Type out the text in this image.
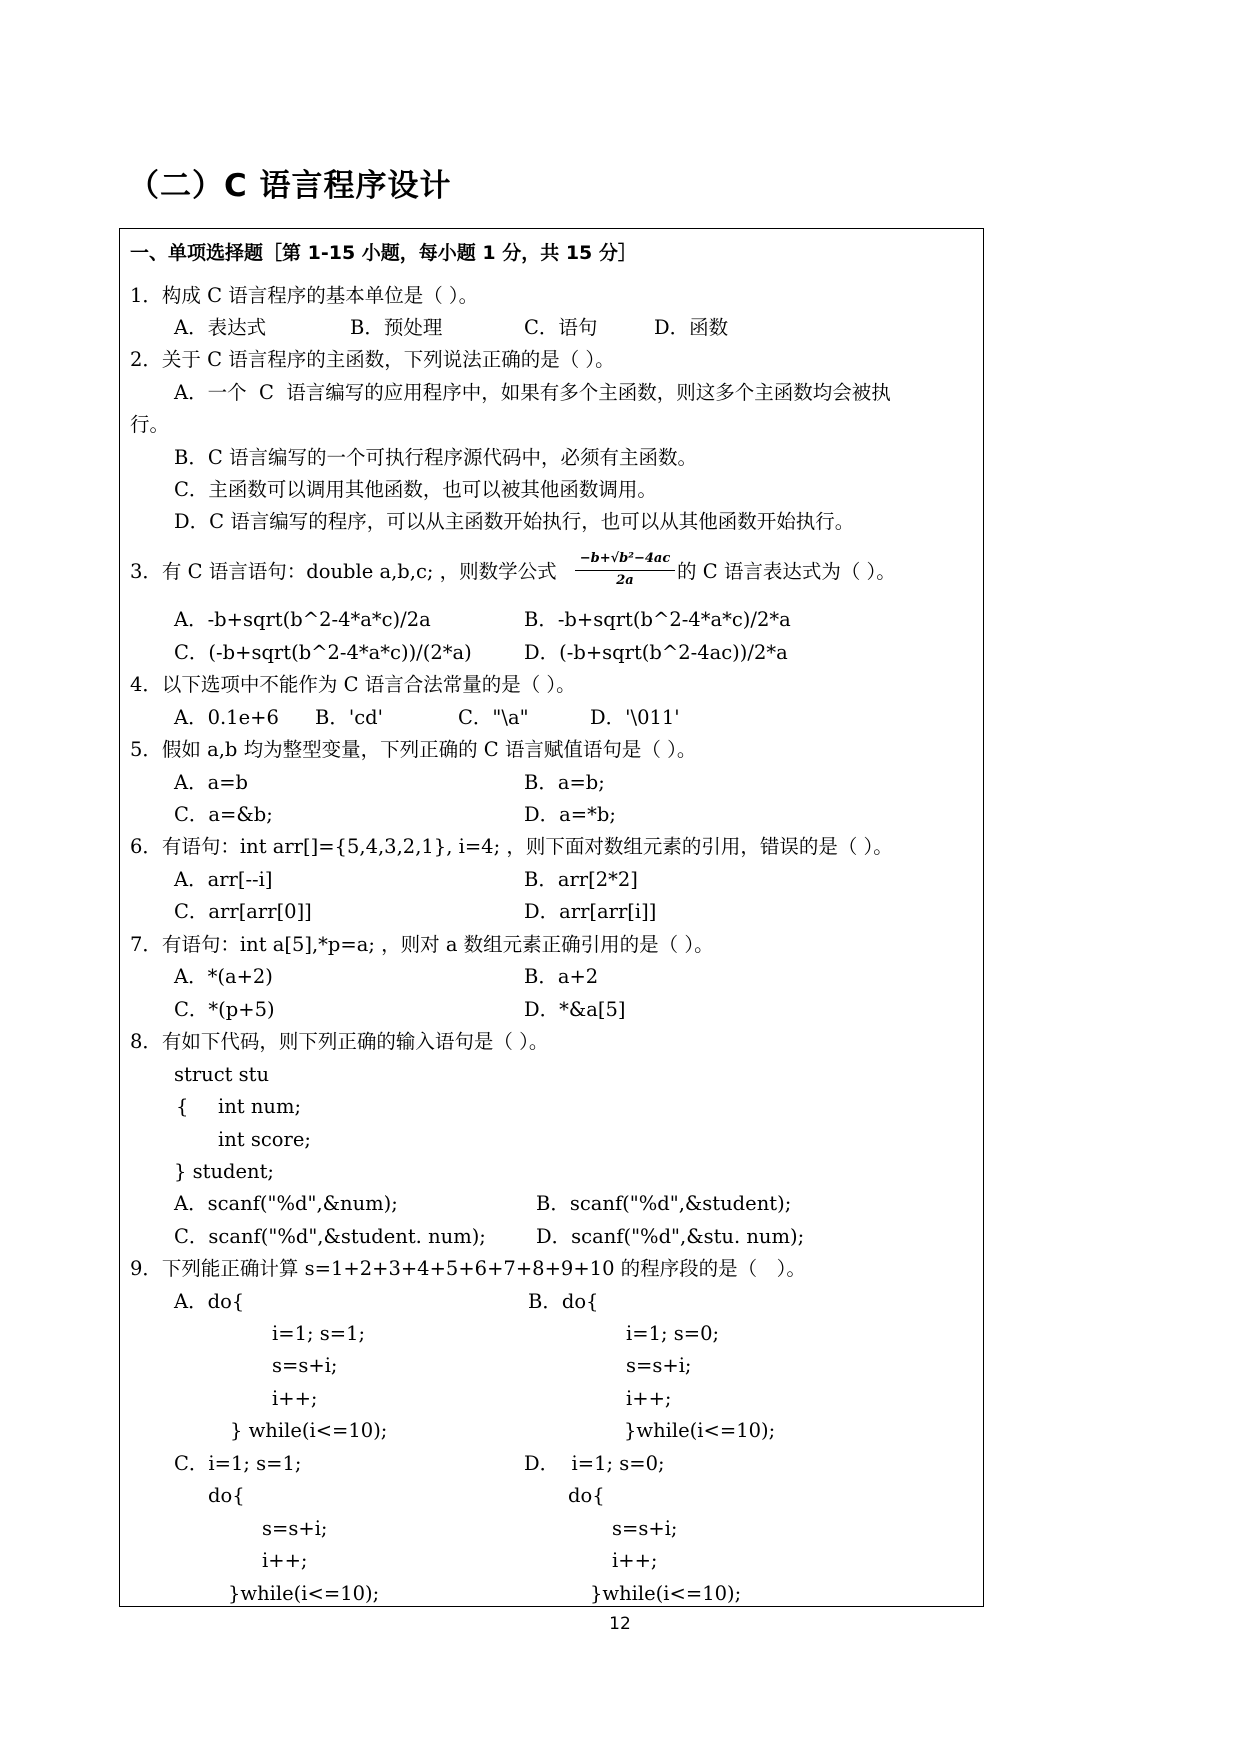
（二）C 语言程序设计
一、单项选择题［第 1-15 小题，每小题 1 分，共 15 分］
1．构成 C 语言程序的基本单位是（ ）。
A．表达式	B．预处理	C．语句	D．函数
2．关于 C 语言程序的主函数，下列说法正确的是（ ）。
A．一个  C  语言编写的应用程序中，如果有多个主函数，则这多个主函数均会被执
行。
B．C 语言编写的一个可执行程序源代码中，必须有主函数。
C．主函数可以调用其他函数，也可以被其他函数调用。
D．C 语言编写的程序，可以从主函数开始执行，也可以从其他函数开始执行。
3．有 C 语言语句：double a,b,c; ，则数学公式
−b+√b²−4ac
2a	的 C 语言表达式为（ ）。
A．-b+sqrt(b^2-4*a*c)/2a	B．-b+sqrt(b^2-4*a*c)/2*a
C．(-b+sqrt(b^2-4*a*c))/(2*a)	D．(-b+sqrt(b^2-4ac))/2*a
4．以下选项中不能作为 C 语言合法常量的是（ ）。
A．0.1e+6 B．'cd'	C．"\a"	D．'\011'
5．假如 a,b 均为整型变量，下列正确的 C 语言赋值语句是（ ）。
A．a=b	B．a=b;
C．a=&b;	D．a=*b;
6．有语句：int arr[]={5,4,3,2,1}, i=4; ，则下面对数组元素的引用，错误的是（ ）。
A．arr[--i]	B．arr[2*2]
C．arr[arr[0]]	D．arr[arr[i]]
7．有语句：int a[5],*p=a; ，则对 a 数组元素正确引用的是（ ）。
A．*(a+2)	B．a+2
C．*(p+5)	D．*&a[5]
8．有如下代码，则下列正确的输入语句是（ ）。
struct stu
{ int num;
int score;
} student;
A．scanf("%d",&num);	B．scanf("%d",&student);
C．scanf("%d",&student. num);	D．scanf("%d",&stu. num);
9．下列能正确计算 s=1+2+3+4+5+6+7+8+9+10 的程序段的是（　）。
A．do{
i=1; s=1;
s=s+i;
i++;
} while(i<=10);
B．do{
i=1; s=0;
s=s+i;
i++;
}while(i<=10);
C．i=1; s=1;
do{
s=s+i;
i++;
}while(i<=10);
D．  i=1; s=0;
do{
s=s+i;
i++;
}while(i<=10);
12
